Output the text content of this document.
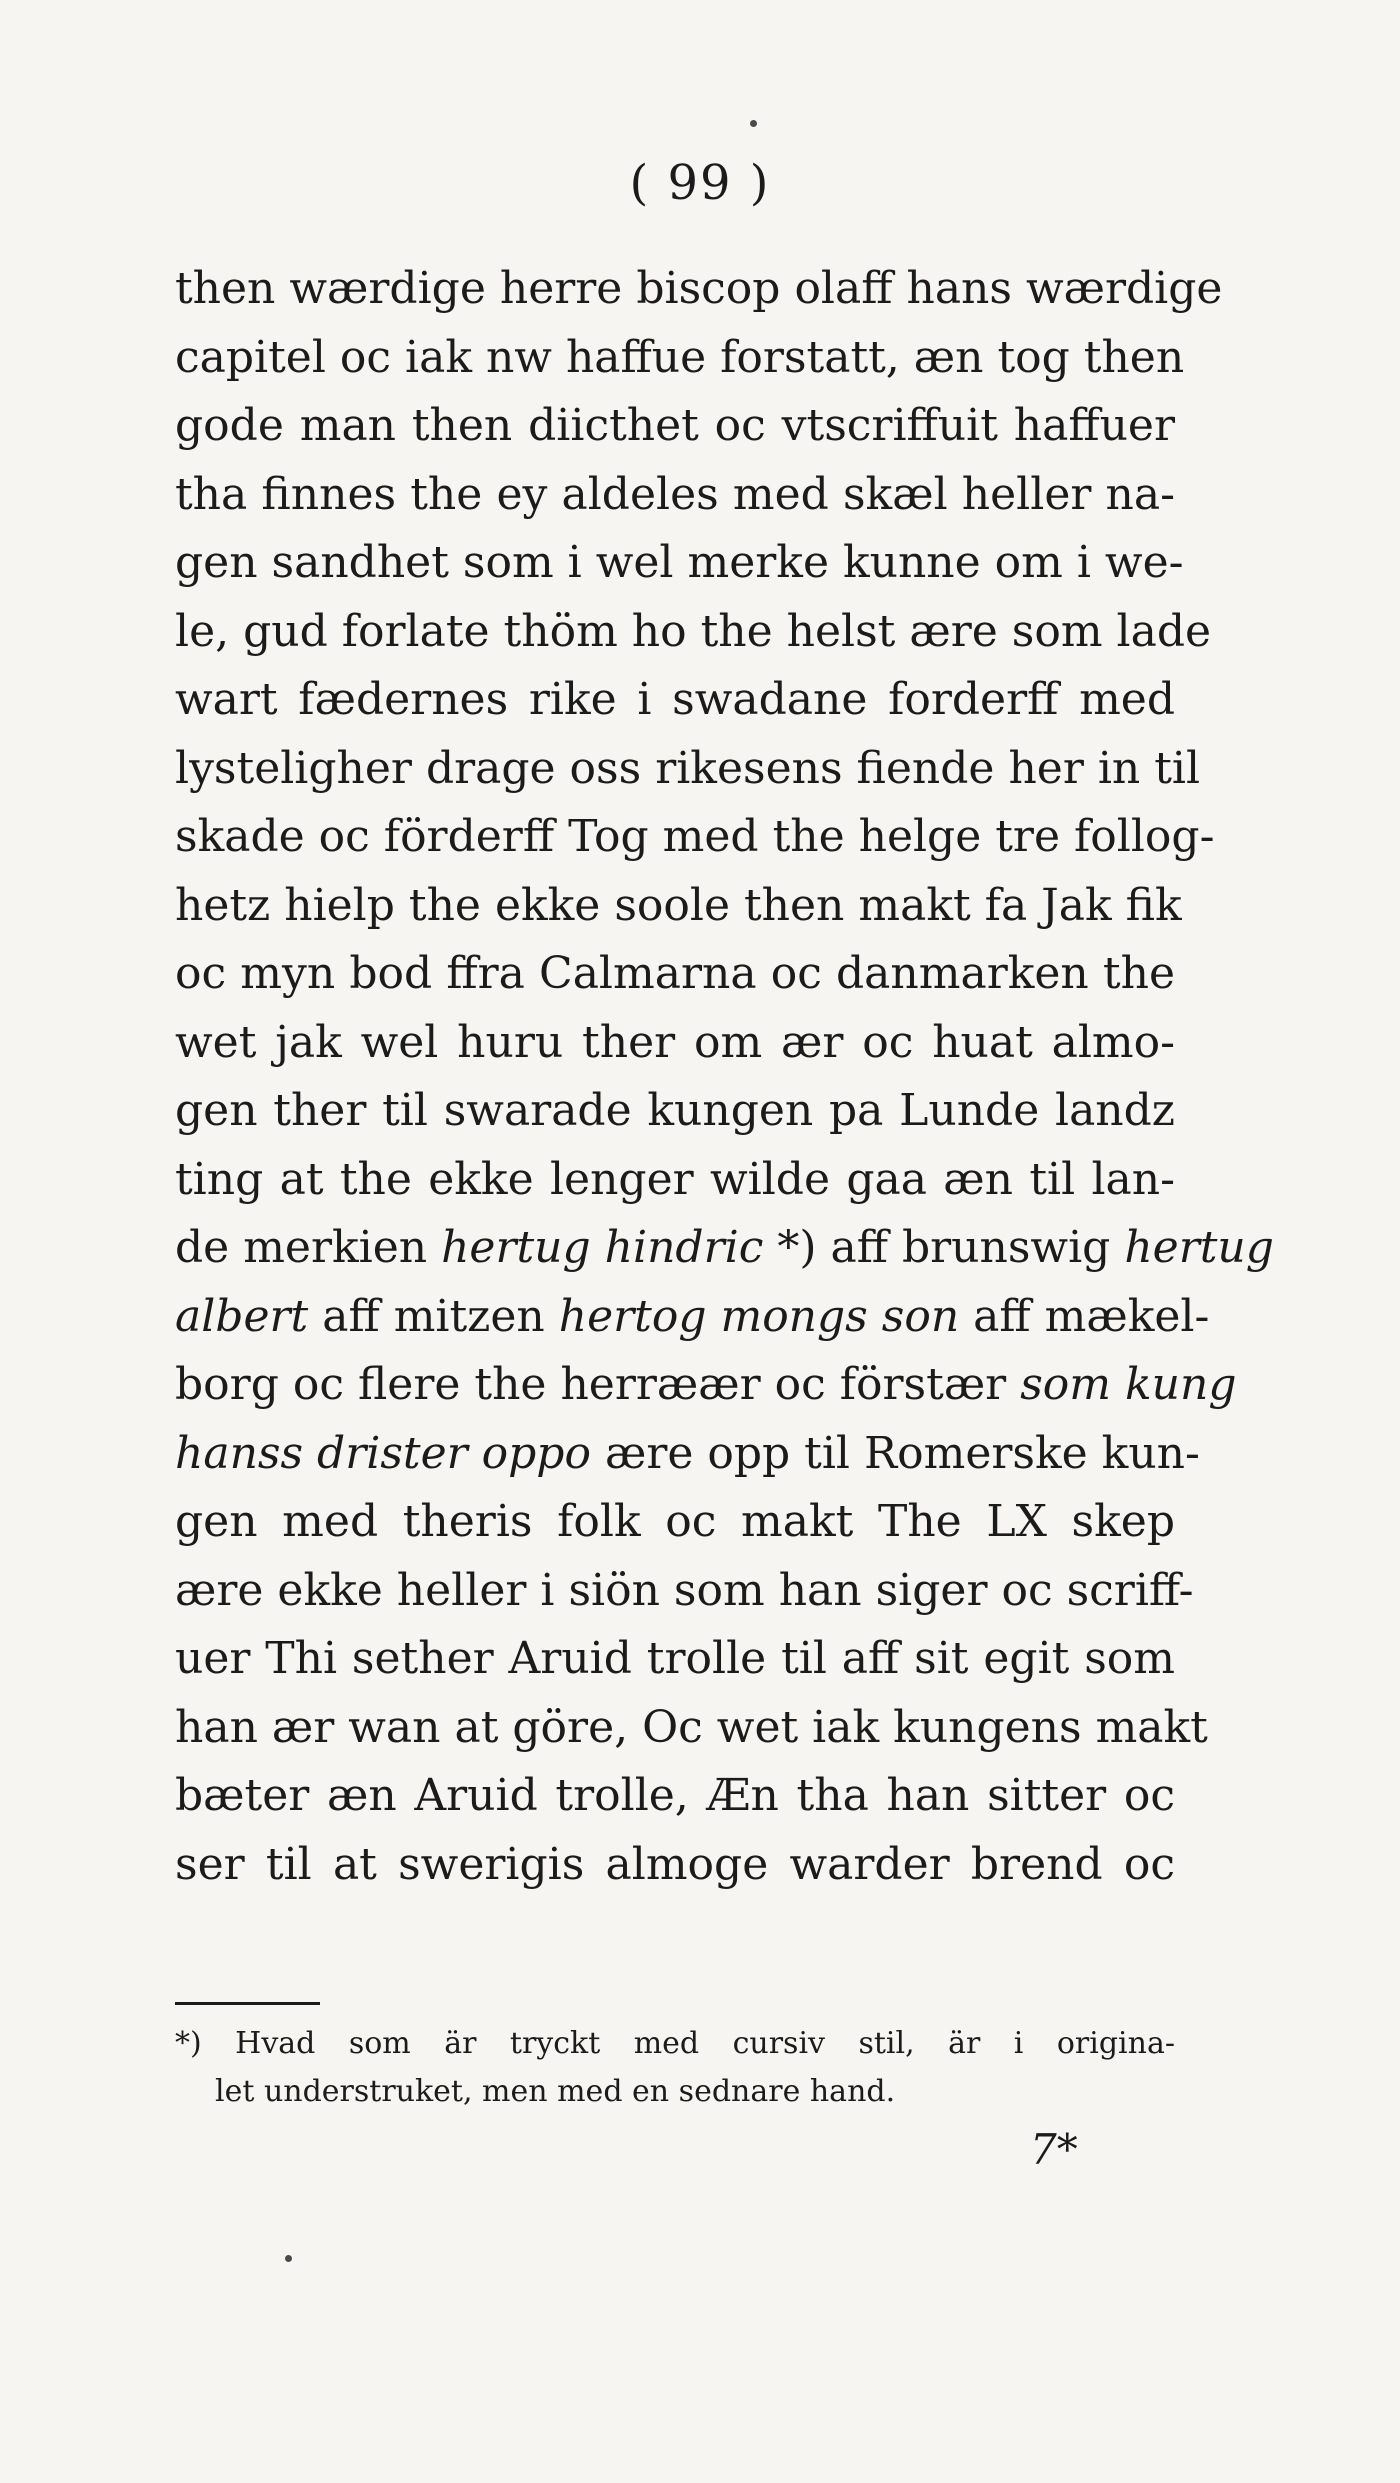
( 99 )
then wærdige herre biscop olaff hans wærdige
capitel oc iak nw haffue forstatt, æn tog then
gode man then diicthet oc vtscriffuit haffuer
tha finnes the ey aldeles med skæl heller na-
gen sandhet som i wel merke kunne om i we-
le, gud forlate thöm ho the helst ære som lade
wart fædernes rike i swadane forderff med
lysteligher drage oss rikesens fiende her in til
skade oc förderff Tog med the helge tre follog-
hetz hielp the ekke soole then makt fa Jak fik
oc myn bod ffra Calmarna oc danmarken the
wet jak wel huru ther om ær oc huat almo-
gen ther til swarade kungen pa Lunde landz
ting at the ekke lenger wilde gaa æn til lan-
de merkien hertug hindric *) aff brunswig hertug
albert aff mitzen hertog mongs son aff mækel-
borg oc flere the herræær oc förstær som kung
hanss drister oppo ære opp til Romerske kun-
gen med theris folk oc makt The LX skep
ære ekke heller i siön som han siger oc scriff-
uer Thi sether Aruid trolle til aff sit egit som
han ær wan at göre, Oc wet iak kungens makt
bæter æn Aruid trolle, Æn tha han sitter oc
ser til at swerigis almoge warder brend oc
*) Hvad som är tryckt med cursiv stil, är i origina-
let understruket, men med en sednare hand.
7*
